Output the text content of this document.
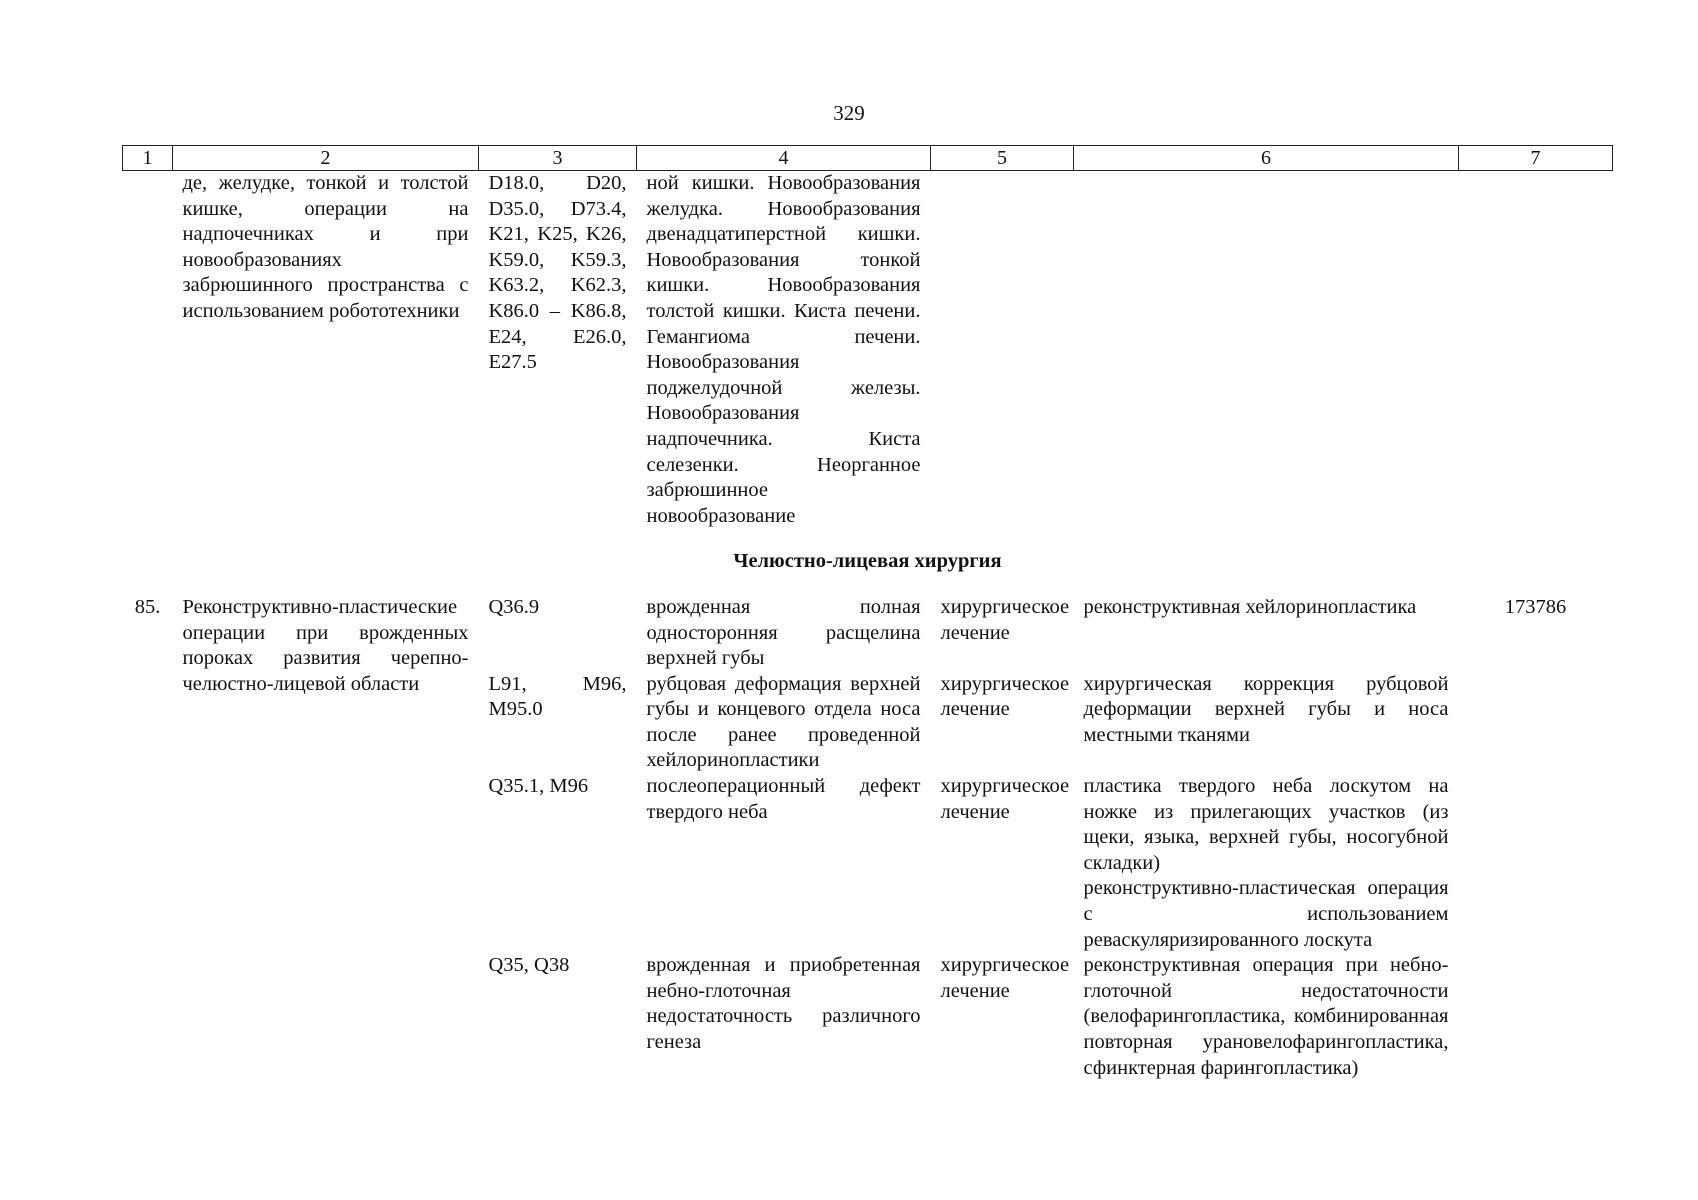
329
1	2	3	4	5	6	7
	де, желудке, тонкой и толстой кишке, операции на надпочечниках и при новообразованиях забрюшинного пространства с использованием робототехники	D18.0, D20, D35.0, D73.4, K21, K25, K26, K59.0, K59.3, K63.2, K62.3, K86.0 – K86.8, E24, E26.0, E27.5	ной кишки. Новообразования желудка. Новообразования двенадцатиперстной кишки. Новообразования тонкой кишки. Новообразования толстой кишки. Киста печени. Гемангиома печени. Новообразования поджелудочной железы. Новообразования надпочечника. Киста селезенки. Неорганное забрюшинное новообразование			
Челюстно-лицевая хирургия						
85.	Реконструктивно-пластические операции при врожденных пороках развития черепно-челюстно-лицевой области	Q36.9	врожденная полная односторонняя расщелина верхней губы	хирургическое лечение	реконструктивная хейлоринопластика	173786
		L91, M96, M95.0	рубцовая деформация верхней губы и концевого отдела носа после ранее проведенной хейлоринопластики	хирургическое лечение	хирургическая коррекция рубцовой деформации верхней губы и носа местными тканями	
		Q35.1, M96	послеоперационный дефект твердого неба	хирургическое лечение	пластика твердого неба лоскутом на ножке из прилегающих участков (из щеки, языка, верхней губы, носогубной складки)
реконструктивно-пластическая операция с использованием реваскуляризированного лоскута	

		Q35, Q38	врожденная и приобретенная небно-глоточная недостаточность различного генеза	хирургическое лечение	реконструктивная операция при небно-глоточной недостаточности (велофарингопластика, комбинированная повторная урановелофарингопластика, сфинктерная фарингопластика)	
